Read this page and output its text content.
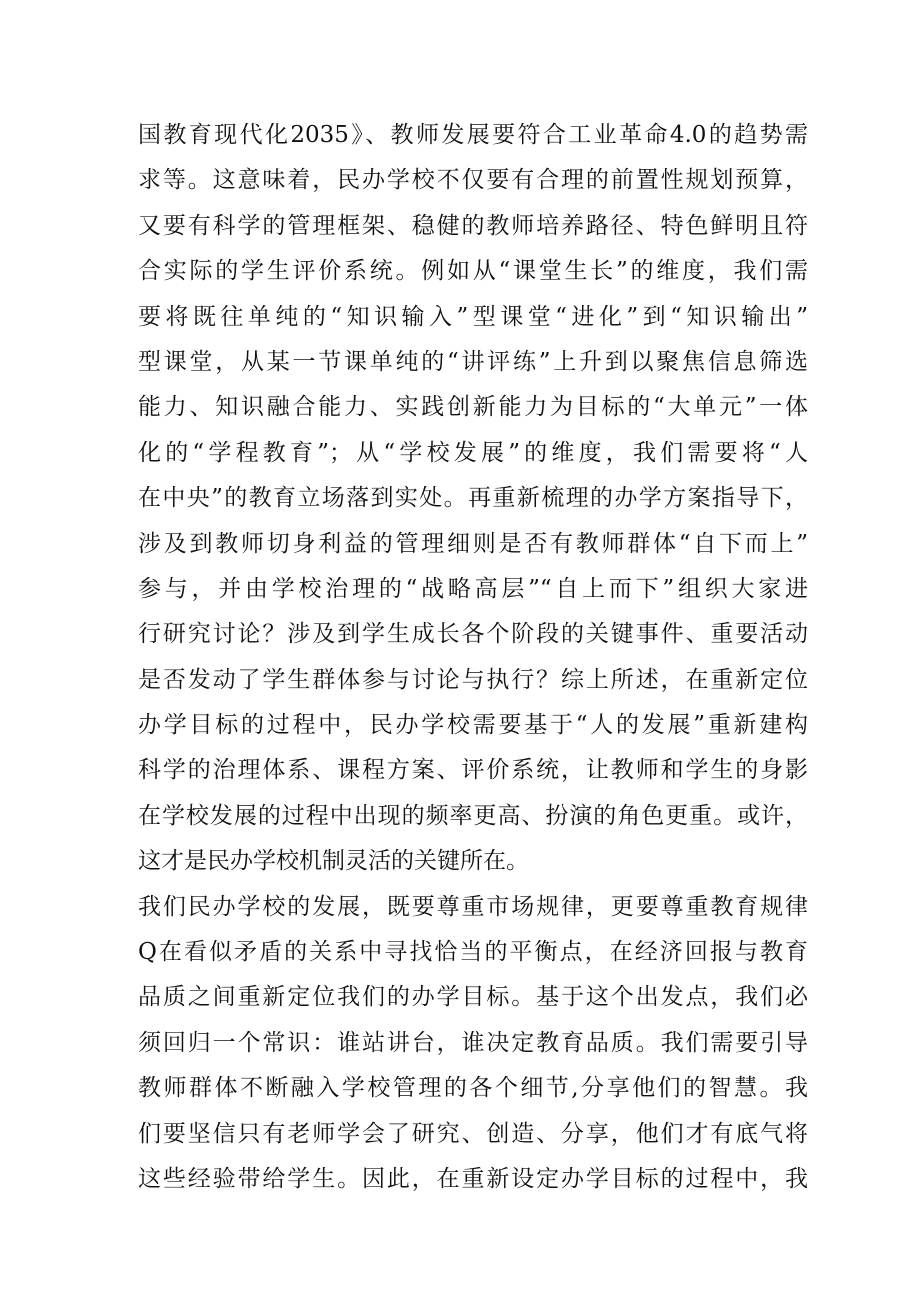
国教育现代化2035》、教师发展要符合工业革命4.0的趋势需
求等。这意味着，民办学校不仅要有合理的前置性规划预算，
又要有科学的管理框架、稳健的教师培养路径、特色鲜明且符
合实际的学生评价系统。例如从“课堂生长”的维度，我们需
要将既往单纯的“知识输入”型课堂“进化”到“知识输出”
型课堂，从某一节课单纯的“讲评练”上升到以聚焦信息筛选
能力、知识融合能力、实践创新能力为目标的“大单元”一体
化的“学程教育”；从“学校发展”的维度，我们需要将“人
在中央”的教育立场落到实处。再重新梳理的办学方案指导下，
涉及到教师切身利益的管理细则是否有教师群体“自下而上”
参与，并由学校治理的“战略高层”“自上而下”组织大家进
行研究讨论？涉及到学生成长各个阶段的关键事件、重要活动
是否发动了学生群体参与讨论与执行？综上所述，在重新定位
办学目标的过程中，民办学校需要基于“人的发展”重新建构
科学的治理体系、课程方案、评价系统，让教师和学生的身影
在学校发展的过程中出现的频率更高、扮演的角色更重。或许，
这才是民办学校机制灵活的关键所在。
我们民办学校的发展，既要尊重市场规律，更要尊重教育规律
Q在看似矛盾的关系中寻找恰当的平衡点，在经济回报与教育
品质之间重新定位我们的办学目标。基于这个出发点，我们必
须回归一个常识：谁站讲台，谁决定教育品质。我们需要引导
教师群体不断融入学校管理的各个细节,分享他们的智慧。我
们要坚信只有老师学会了研究、创造、分享，他们才有底气将
这些经验带给学生。因此，在重新设定办学目标的过程中，我
